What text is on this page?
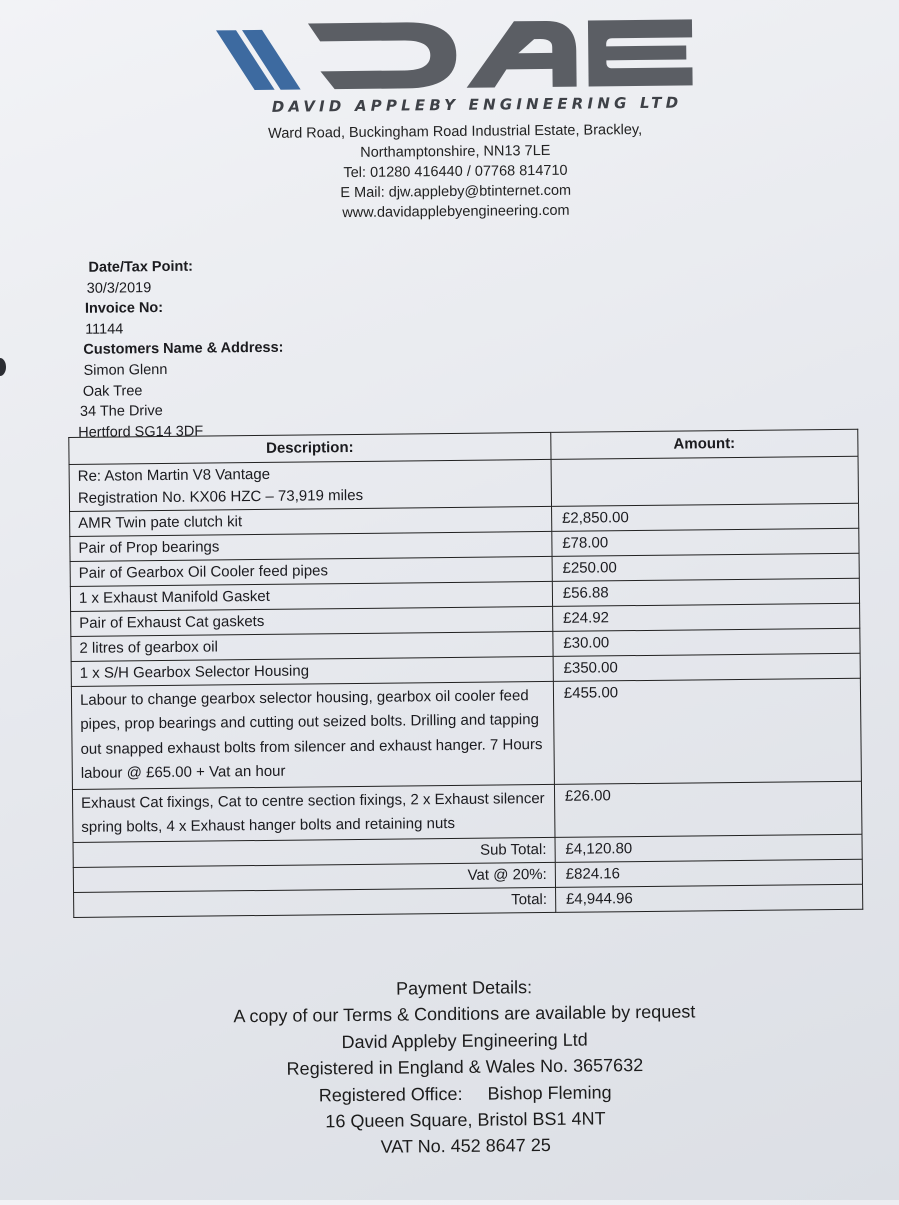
DAVID APPLEBY ENGINEERING LTD
Ward Road, Buckingham Road Industrial Estate, Brackley,
Northamptonshire, NN13 7LE
Tel: 01280 416440 / 07768 814710
E Mail: djw.appleby@btinternet.com
www.davidapplebyengineering.com
Date/Tax Point:
30/3/2019
Invoice No:
11144
Customers Name & Address:
Simon Glenn
Oak Tree
34 The Drive
Hertford SG14 3DF
Description:	Amount:

Re: Aston Martin V8 Vantage
Registration No. KX06 HZC – 73,919 miles	

AMR Twin pate clutch kit	£2,850.00
Pair of Prop bearings	£78.00
Pair of Gearbox Oil Cooler feed pipes	£250.00
1 x Exhaust Manifold Gasket	£56.88
Pair of Exhaust Cat gaskets	£24.92
2 litres of gearbox oil	£30.00
1 x S/H Gearbox Selector Housing	£350.00
Labour to change gearbox selector housing, gearbox oil cooler feed pipes, prop bearings and cutting out seized bolts. Drilling and tapping out snapped exhaust bolts from silencer and exhaust hanger. 7 Hours labour @ £65.00 + Vat an hour	£455.00
Exhaust Cat fixings, Cat to centre section fixings, 2 x Exhaust silencer spring bolts, 4 x Exhaust hanger bolts and retaining nuts	£26.00
Sub Total:	£4,120.80
Vat @ 20%:	£824.16
Total:	£4,944.96
Payment Details:
A copy of our Terms & Conditions are available by request
David Appleby Engineering Ltd
Registered in England & Wales No. 3657632
Registered Office:     Bishop Fleming
16 Queen Square, Bristol BS1 4NT
VAT No. 452 8647 25
